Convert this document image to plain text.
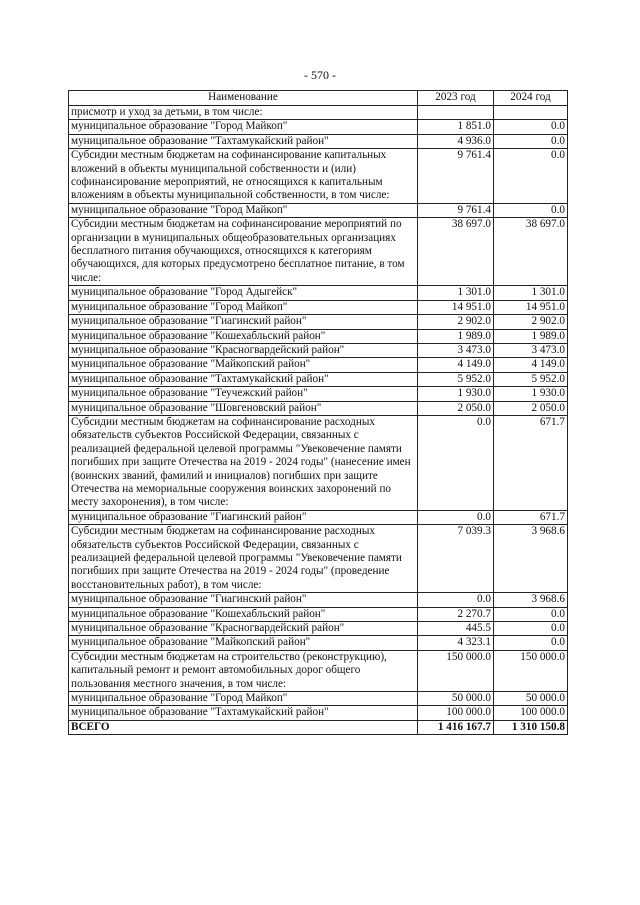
- 570 -
Наименование	2023 год	2024 год
присмотр и уход за детьми, в том числе:		
муниципальное образование "Город Майкоп"	1 851.0	0.0
муниципальное образование "Тахтамукайский район"	4 936.0	0.0
Субсидии местным бюджетам на софинансирование капитальных вложений в объекты муниципальной собственности и (или) софинансирование мероприятий, не относящихся к капитальным вложениям в объекты муниципальной собственности, в том числе:	9 761.4	0.0
муниципальное образование "Город Майкоп"	9 761.4	0.0
Субсидии местным бюджетам на софинансирование мероприятий по организации в муниципальных общеобразовательных организациях бесплатного питания обучающихся, относящихся к категориям обучающихся, для которых предусмотрено бесплатное питание, в том числе:	38 697.0	38 697.0
муниципальное образование "Город Адыгейск"	1 301.0	1 301.0
муниципальное образование "Город Майкоп"	14 951.0	14 951.0
муниципальное образование "Гиагинский район"	2 902.0	2 902.0
муниципальное образование "Кошехабльский район"	1 989.0	1 989.0
муниципальное образование "Красногвардейский район"	3 473.0	3 473.0
муниципальное образование "Майкопский район"	4 149.0	4 149.0
муниципальное образование "Тахтамукайский район"	5 952.0	5 952.0
муниципальное образование "Теучежский район"	1 930.0	1 930.0
муниципальное образование "Шовгеновский район"	2 050.0	2 050.0
Субсидии местным бюджетам на софинансирование расходных обязательств субъектов Российской Федерации, связанных с реализацией федеральной целевой программы "Увековечение памяти погибших при защите Отечества на 2019 - 2024 годы" (нанесение имен (воинских званий, фамилий и инициалов) погибших при защите Отечества на мемориальные сооружения воинских захоронений по месту захоронения), в том числе:	0.0	671.7
муниципальное образование "Гиагинский район"	0.0	671.7
Субсидии местным бюджетам на софинансирование расходных обязательств субъектов Российской Федерации, связанных с реализацией федеральной целевой программы "Увековечение памяти погибших при защите Отечества на 2019 - 2024 годы" (проведение восстановительных работ), в том числе:	7 039.3	3 968.6
муниципальное образование "Гиагинский район"	0.0	3 968.6
муниципальное образование "Кошехабльский район"	2 270.7	0.0
муниципальное образование "Красногвардейский район"	445.5	0.0
муниципальное образование "Майкопский район"	4 323.1	0.0
Субсидии местным бюджетам на строительство (реконструкцию), капитальный ремонт и ремонт автомобильных дорог общего пользования местного значения, в том числе:	150 000.0	150 000.0
муниципальное образование "Город Майкоп"	50 000.0	50 000.0
муниципальное образование "Тахтамукайский район"	100 000.0	100 000.0
ВСЕГО	1 416 167.7	1 310 150.8
